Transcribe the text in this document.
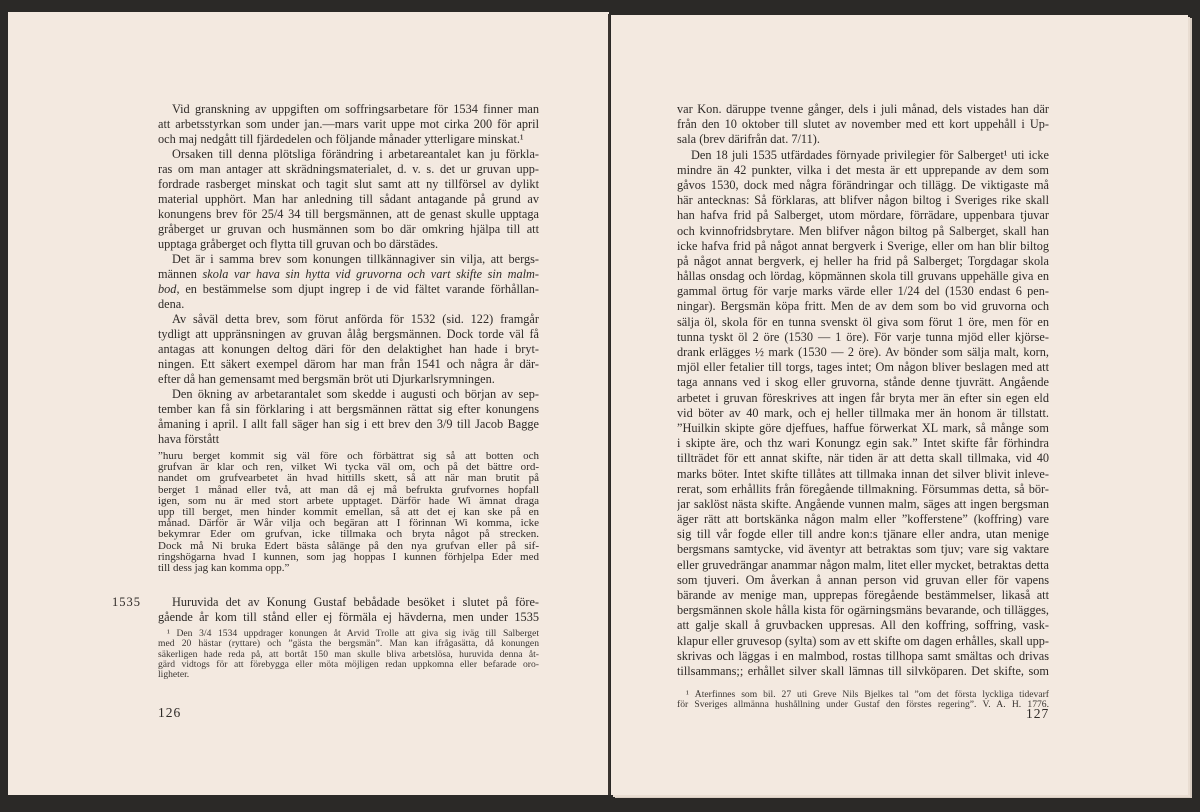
Vid granskning av uppgiften om soffringsarbetare för 1534 finner man
att arbetsstyrkan som under jan.—mars varit uppe mot cirka 200 för april
och maj nedgått till fjärdedelen och följande månader ytterligare minskat.¹
Orsaken till denna plötsliga förändring i arbetareantalet kan ju förkla-
ras om man antager att skrädningsmaterialet, d. v. s. det ur gruvan upp-
fordrade rasberget minskat och tagit slut samt att ny tillförsel av dylikt
material upphört. Man har anledning till sådant antagande på grund av
konungens brev för 25/4 34 till bergsmännen, att de genast skulle upptaga
gråberget ur gruvan och husmännen som bo där omkring hjälpa till att
upptaga gråberget och flytta till gruvan och bo därstädes.
Det är i samma brev som konungen tillkännagiver sin vilja, att bergs-
männen skola var hava sin hytta vid gruvorna och vart skifte sin malm-
bod, en bestämmelse som djupt ingrep i de vid fältet varande förhållan-
dena.
Av såväl detta brev, som förut anförda för 1532 (sid. 122) framgår
tydligt att uppränsningen av gruvan ålåg bergsmännen. Dock torde väl få
antagas att konungen deltog däri för den delaktighet han hade i bryt-
ningen. Ett säkert exempel därom har man från 1541 och några år där-
efter då han gemensamt med bergsmän bröt uti Djurkarlsrymningen.
Den ökning av arbetarantalet som skedde i augusti och början av sep-
tember kan få sin förklaring i att bergsmännen rättat sig efter konungens
åmaning i april. I allt fall säger han sig i ett brev den 3/9 till Jacob Bagge
hava förstått
”huru berget kommit sig väl före och förbättrat sig så att botten och
grufvan är klar och ren, vilket Wi tycka väl om, och på det bättre ord-
nandet om grufvearbetet än hvad hittills skett, så att när man brutit på
berget 1 månad eller två, att man då ej må befrukta grufvornes hopfall
igen, som nu är med stort arbete upptaget. Därför hade Wi ämnat draga
upp till berget, men hinder kommit emellan, så att det ej kan ske på en
månad. Därför är Wår vilja och begäran att I förinnan Wi komma, icke
bekymrar Eder om grufvan, icke tillmaka och bryta något på strecken.
Dock må Ni bruka Edert bästa sålänge på den nya grufvan eller på sif-
ringshögarna hvad I kunnen, som jag hoppas I kunnen förhjelpa Eder med
till dess jag kan komma opp.”
1535	Huruvida det av Konung Gustaf bebådade besöket i slutet på före-
gående år kom till stånd eller ej förmäla ej hävderna, men under 1535
¹ Den 3/4 1534 uppdrager konungen åt Arvid Trolle att giva sig iväg till Salberget
med 20 hästar (ryttare) och ”gästa the bergsmän”. Man kan ifrågasätta, då konungen
säkerligen hade reda på, att bortåt 150 man skulle bliva arbetslösa, huruvida denna åt-
gärd vidtogs för att förebygga eller möta möjligen redan uppkomna eller befarade oro-
ligheter.
126
var Kon. däruppe tvenne gånger, dels i juli månad, dels vistades han där
från den 10 oktober till slutet av november med ett kort uppehåll i Up-
sala (brev därifrån dat. 7/11).
Den 18 juli 1535 utfärdades förnyade privilegier för Salberget¹ uti icke
mindre än 42 punkter, vilka i det mesta är ett upprepande av dem som
gåvos 1530, dock med några förändringar och tillägg. De viktigaste må
här antecknas: Så förklaras, att blifver någon biltog i Sveriges rike skall
han hafva frid på Salberget, utom mördare, förrädare, uppenbara tjuvar
och kvinnofridsbrytare. Men blifver någon biltog på Salberget, skall han
icke hafva frid på något annat bergverk i Sverige, eller om han blir biltog
på något annat bergverk, ej heller ha frid på Salberget; Torgdagar skola
hållas onsdag och lördag, köpmännen skola till gruvans uppehälle giva en
gammal örtug för varje marks värde eller 1/24 del (1530 endast 6 pen-
ningar). Bergsmän köpa fritt. Men de av dem som bo vid gruvorna och
sälja öl, skola för en tunna svenskt öl giva som förut 1 öre, men för en
tunna tyskt öl 2 öre (1530 — 1 öre). För varje tunna mjöd eller kjörse-
drank erlägges ½ mark (1530 — 2 öre). Av bönder som sälja malt, korn,
mjöl eller fetalier till torgs, tages intet; Om någon bliver beslagen med att
taga annans ved i skog eller gruvorna, stånde denne tjuvrätt. Angående
arbetet i gruvan föreskrives att ingen får bryta mer än efter sin egen eld
vid böter av 40 mark, och ej heller tillmaka mer än honom är tillstatt.
”Huilkin skipte göre djeffues, haffue förwerkat XL mark, så månge som
i skipte äre, och thz wari Konungz egin sak.” Intet skifte får förhindra
tillträdet för ett annat skifte, när tiden är att detta skall tillmaka, vid 40
marks böter. Intet skifte tillåtes att tillmaka innan det silver blivit inleve-
rerat, som erhållits från föregående tillmakning. Försummas detta, så bör-
jar saklöst nästa skifte. Angående vunnen malm, säges att ingen bergsman
äger rätt att bortskänka någon malm eller ”kofferstene” (koffring) vare
sig till vår fogde eller till andre kon:s tjänare eller andra, utan menige
bergsmans samtycke, vid äventyr att betraktas som tjuv; vare sig vaktare
eller gruvedrängar anammar någon malm, litet eller mycket, betraktas detta
som tjuveri. Om åverkan å annan person vid gruvan eller för vapens
bärande av menige man, upprepas föregående bestämmelser, likaså att
bergsmännen skole hålla kista för ogärningsmäns bevarande, och tillägges,
att galje skall å gruvbacken uppresas. All den koffring, soffring, vask-
klapur eller gruvesop (sylta) som av ett skifte om dagen erhålles, skall upp-
skrivas och läggas i en malmbod, rostas tillhopa samt smältas och drivas
tillsammans;; erhållet silver skall lämnas till silvköparen. Det skifte, som
¹ Återfinnes som bil. 27 uti Greve Nils Bjelkes tal ”om det första lyckliga tidevarf
för Sveriges allmänna hushållning under Gustaf den förstes regering”. V. A. H. 1776.
127
